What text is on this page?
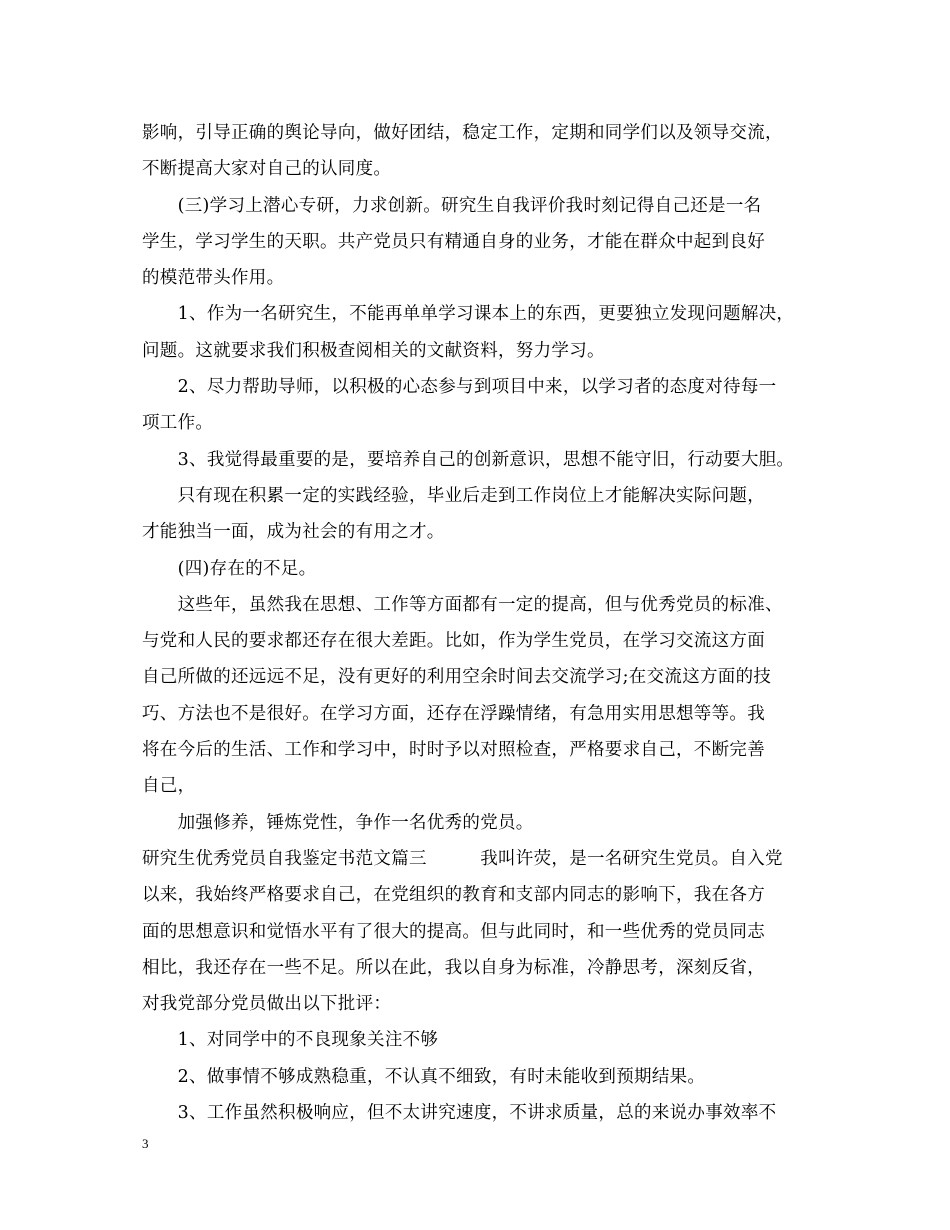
影响，引导正确的舆论导向，做好团结，稳定工作，定期和同学们以及领导交流，
不断提高大家对自己的认同度。
　　(三)学习上潜心专研，力求创新。研究生自我评价我时刻记得自己还是一名
学生，学习学生的天职。共产党员只有精通自身的业务，才能在群众中起到良好
的模范带头作用。
　　1、作为一名研究生，不能再单单学习课本上的东西，更要独立发现问题解决，
问题。这就要求我们积极查阅相关的文献资料，努力学习。
　　2、尽力帮助导师，以积极的心态参与到项目中来，以学习者的态度对待每一
项工作。
　　3、我觉得最重要的是，要培养自己的创新意识，思想不能守旧，行动要大胆。
　　只有现在积累一定的实践经验，毕业后走到工作岗位上才能解决实际问题，
才能独当一面，成为社会的有用之才。
　　(四)存在的不足。
　　这些年，虽然我在思想、工作等方面都有一定的提高，但与优秀党员的标准、
与党和人民的要求都还存在很大差距。比如，作为学生党员，在学习交流这方面
自己所做的还远远不足，没有更好的利用空余时间去交流学习;在交流这方面的技
巧、方法也不是很好。在学习方面，还存在浮躁情绪，有急用实用思想等等。我
将在今后的生活、工作和学习中，时时予以对照检查，严格要求自己，不断完善
自己，
　　加强修养，锤炼党性，争作一名优秀的党员。
研究生优秀党员自我鉴定书范文篇三　　　我叫许荧，是一名研究生党员。自入党
以来，我始终严格要求自己，在党组织的教育和支部内同志的影响下，我在各方
面的思想意识和觉悟水平有了很大的提高。但与此同时，和一些优秀的党员同志
相比，我还存在一些不足。所以在此，我以自身为标准，冷静思考，深刻反省，
对我党部分党员做出以下批评：
　　1、对同学中的不良现象关注不够
　　2、做事情不够成熟稳重，不认真不细致，有时未能收到预期结果。
　　3、工作虽然积极响应，但不太讲究速度，不讲求质量，总的来说办事效率不
3
